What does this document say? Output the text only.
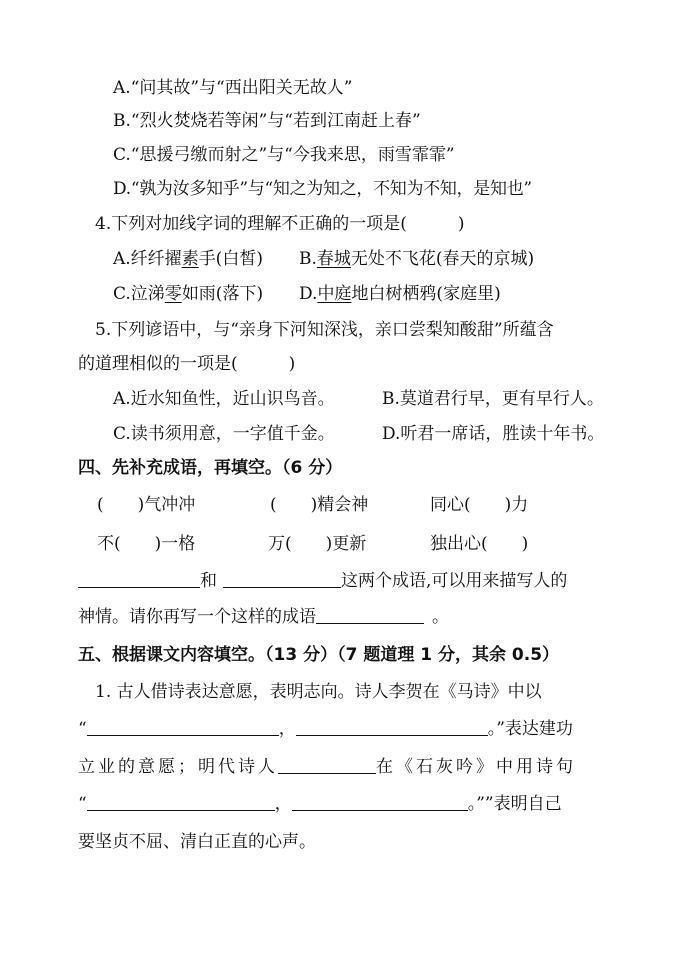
A.“问其故”与“西出阳关无故人”
B.“烈火焚烧若等闲”与“若到江南赶上春”
C.“思援弓缴而射之”与“今我来思，雨雪霏霏”
D.“孰为汝多知乎”与“知之为知之，不知为不知，是知也”
4.下列对加线字词的理解不正确的一项是(　　　)
A.纤纤擢素手(白皙) B.春城无处不飞花(春天的京城)
C.泣涕零如雨(落下) D.中庭地白树栖鸦(家庭里)
5.下列谚语中，与“亲身下河知深浅，亲口尝梨知酸甜”所蕴含
的道理相似的一项是(　　　)
A.近水知鱼性，近山识鸟音。	B.莫道君行早，更有早行人。
C.读书须用意，一字值千金。	D.听君一席话，胜读十年书。
四、先补充成语，再填空。（6 分）
(　　)气冲冲	(　　)精会神	同心(　　)力
不(　　)一格	万(　　)更新	独出心(　　)
和	这两个成语,可以用来描写人的
神情。请你再写一个这样的成语	。
五、根据课文内容填空。（13 分）（7 题道理 1 分，其余 0.5）
1. 古人借诗表达意愿，表明志向。诗人李贺在《马诗》中以
“	，	。”表达建功
立业的意愿；明代诗人	在《石灰吟》中用诗句
“	，	。””表明自己
要坚贞不屈、清白正直的心声。
